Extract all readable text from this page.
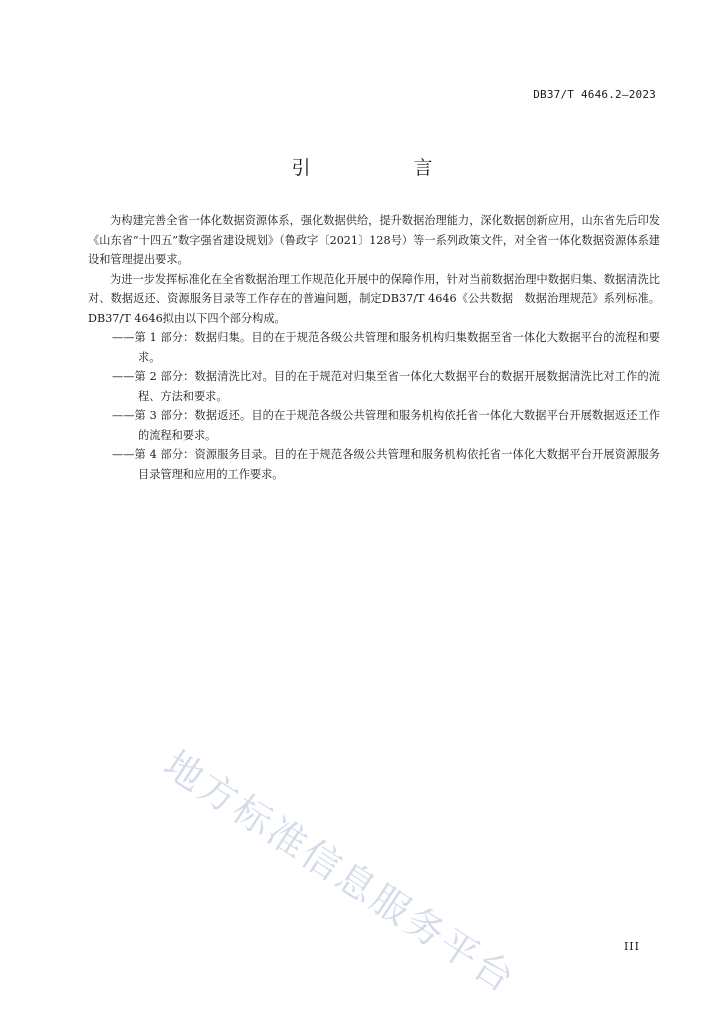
DB37/T 4646.2—2023
引　言

为构建完善全省一体化数据资源体系，强化数据供给，提升数据治理能力，深化数据创新应用，山东省先后印发《山东省“十四五”数字强省建设规划》（鲁政字〔2021〕128号）等一系列政策文件，对全省一体化数据资源体系建设和管理提出要求。

为进一步发挥标准化在全省数据治理工作规范化开展中的保障作用，针对当前数据治理中数据归集、数据清洗比对、数据返还、资源服务目录等工作存在的普遍问题，制定DB37/T 4646《公共数据　数据治理规范》系列标准。DB37/T 4646拟由以下四个部分构成。

——第 1 部分：数据归集。目的在于规范各级公共管理和服务机构归集数据至省一体化大数据平台的流程和要求。

——第 2 部分：数据清洗比对。目的在于规范对归集至省一体化大数据平台的数据开展数据清洗比对工作的流程、方法和要求。

——第 3 部分：数据返还。目的在于规范各级公共管理和服务机构依托省一体化大数据平台开展数据返还工作的流程和要求。

——第 4 部分：资源服务目录。目的在于规范各级公共管理和服务机构依托省一体化大数据平台开展资源服务目录管理和应用的工作要求。

地方标准信息服务平台	III
